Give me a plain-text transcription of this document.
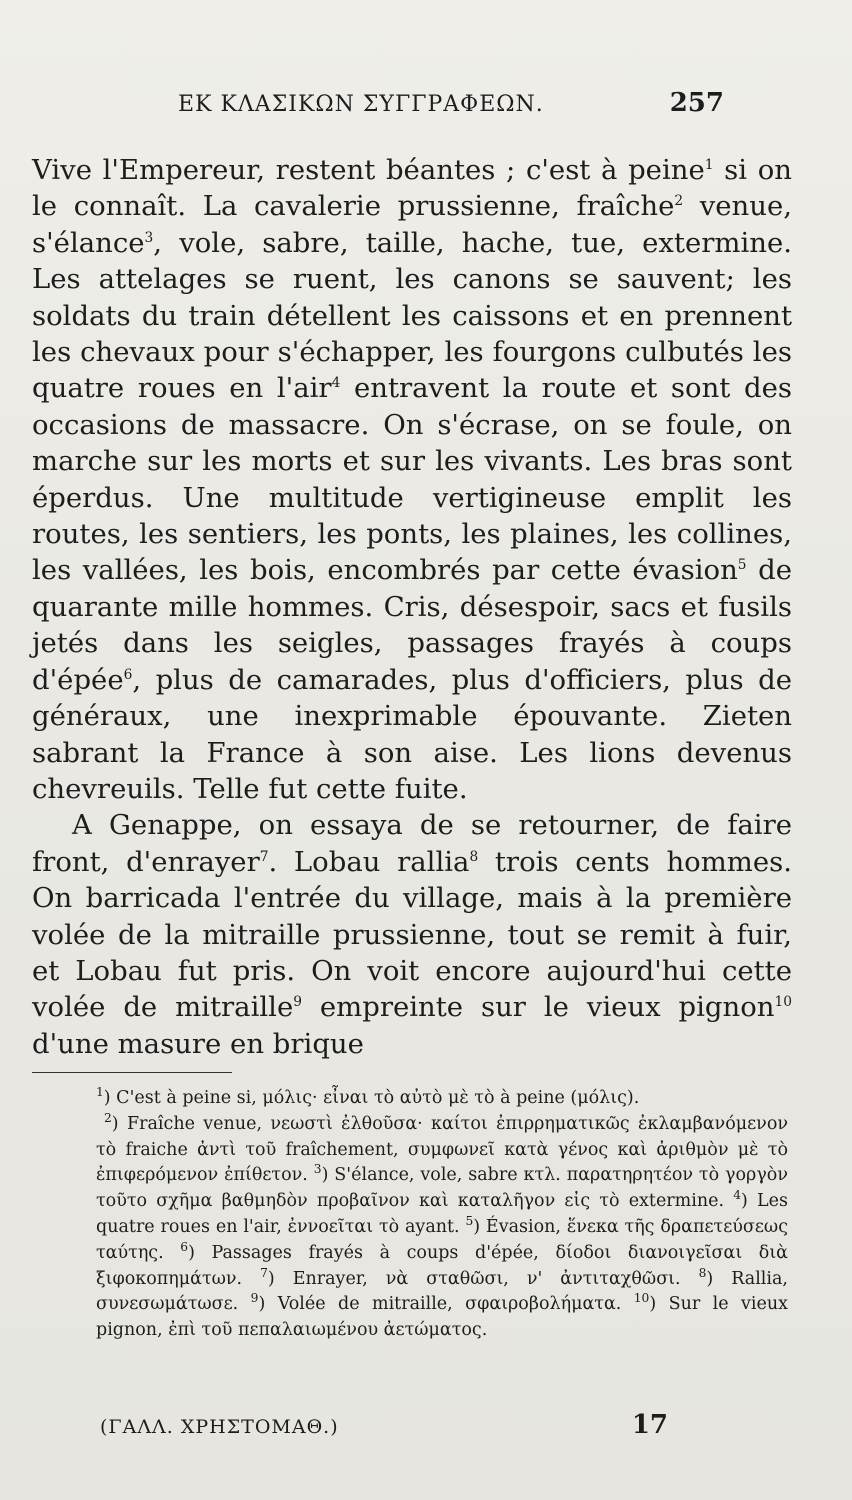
ΕΚ ΚΛΑΣΙΚΩΝ ΣΥΓΓΡΑΦΕΩΝ.	257

Vive l'Empereur, restent béantes ; c'est à peine$^1$ si on le connaît. La cavalerie prussienne, fraîche$^2$ venue, s'élance$^3$, vole, sabre, taille, hache, tue, extermine. Les attelages se ruent, les canons se sauvent; les soldats du train détellent les caissons et en prennent les chevaux pour s'échapper, les fourgons culbutés les quatre roues en l'air$^4$ entravent la route et sont des occasions de massacre. On s'écrase, on se foule, on marche sur les morts et sur les vivants. Les bras sont éperdus. Une multitude vertigineuse emplit les routes, les sentiers, les ponts, les plaines, les collines, les vallées, les bois, encombrés par cette évasion$^5$ de quarante mille hommes. Cris, désespoir, sacs et fusils jetés dans les seigles, passages frayés à coups d'épée$^6$, plus de camarades, plus d'officiers, plus de généraux, une inexprimable épouvante. Zieten sabrant la France à son aise. Les lions devenus chevreuils. Telle fut cette fuite.

A Genappe, on essaya de se retourner, de faire front, d'enrayer$^7$. Lobau rallia$^8$ trois cents hommes. On barricada l'entrée du village, mais à la première volée de la mitraille prussienne, tout se remit à fuir, et Lobau fut pris. On voit encore aujourd'hui cette volée de mitraille$^9$ empreinte sur le vieux pignon$^{10}$ d'une masure en brique

$^1$) C'est à peine si, μόλις· εἶναι τὸ αὐτὸ μὲ τὸ à peine (μόλις).

$^2$) Fraîche venue, νεωστὶ ἐλθοῦσα· καίτοι ἐπιρρηματικῶς ἐκλαμβανόμενον τὸ fraiche ἀντὶ τοῦ fraîchement, συμφωνεῖ κατὰ γένος καὶ ἀριθμὸν μὲ τὸ ἐπιφερόμενον ἐπίθετον. $^3$) S'élance, vole, sabre κτλ. παρατηρητέον τὸ γοργὸν τοῦτο σχῆμα βαθμηδὸν προβαῖνον καὶ καταλῆγον εἰς τὸ extermine. $^4$) Les quatre roues en l'air, ἐννοεῖται τὸ ayant. $^5$) Évasion, ἕνεκα τῆς δραπετεύσεως ταύτης. $^6$) Passages frayés à coups d'épée, δίοδοι διανοιγεῖσαι διὰ ξιφοκοπημάτων. $^7$) Enrayer, νὰ σταθῶσι, ν' ἀντιταχθῶσι. $^8$) Rallia, συνεσωμάτωσε. $^9$) Volée de mitraille, σφαιροβολήματα. $^{10}$) Sur le vieux pignon, ἐπὶ τοῦ πεπαλαιωμένου ἀετώματος.

(ΓΑΛΛ. ΧΡΗΣΤΟΜΑΘ.)	17
